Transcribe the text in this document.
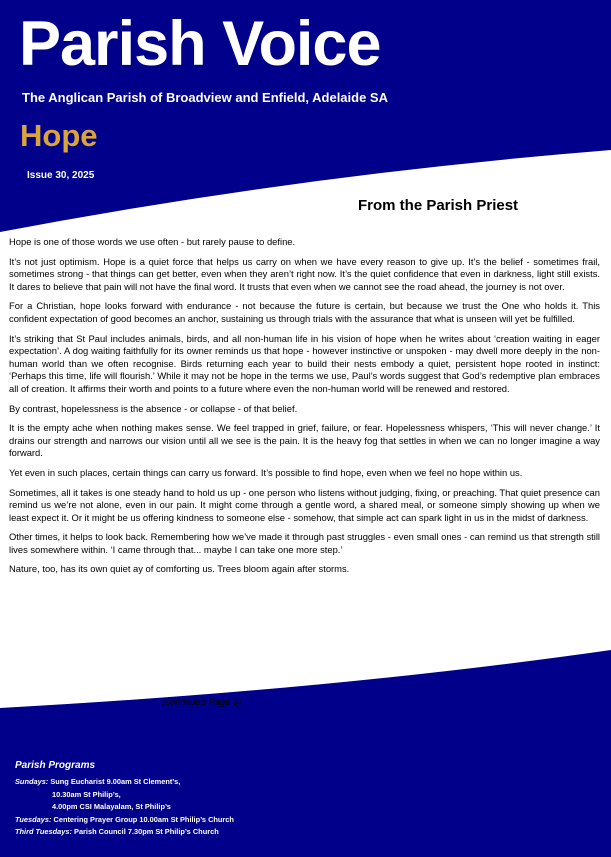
Parish Voice
The Anglican Parish of Broadview and Enfield, Adelaide SA
Hope
Issue 30, 2025
From the Parish Priest

Hope is one of those words we use often - but rarely pause to define.

It’s not just optimism. Hope is a quiet force that helps us carry on when we have every reason to give up. It’s the belief - sometimes frail, sometimes strong - that things can get better, even when they aren’t right now. It’s the quiet confidence that even in darkness, light still exists. It dares to believe that pain will not have the final word. It trusts that even when we cannot see the road ahead, the journey is not over.

For a Christian, hope looks forward with endurance - not because the future is certain, but because we trust the One who holds it. This confident expectation of good becomes an anchor, sustaining us through trials with the assurance that what is unseen will yet be fulfilled.

It’s striking that St Paul includes animals, birds, and all non-human life in his vision of hope when he writes about ‘creation waiting in eager expectation’. A dog waiting faithfully for its owner reminds us that hope - however instinctive or unspoken - may dwell more deeply in the non-human world than we often recognise. Birds returning each year to build their nests embody a quiet, persistent hope rooted in instinct: ‘Perhaps this time, life will flourish.’ While it may not be hope in the terms we use, Paul’s words suggest that God’s redemptive plan embraces all of creation. It affirms their worth and points to a future where even the non-human world will be renewed and restored.

By contrast, hopelessness is the absence - or collapse - of that belief.

It is the empty ache when nothing makes sense. We feel trapped in grief, failure, or fear. Hopelessness whispers, ‘This will never change.’ It drains our strength and narrows our vision until all we see is the pain. It is the heavy fog that settles in when we can no longer imagine a way forward.

Yet even in such places, certain things can carry us forward. It’s possible to find hope, even when we feel no hope within us.

Sometimes, all it takes is one steady hand to hold us up - one person who listens without judging, fixing, or preaching. That quiet presence can remind us we’re not alone, even in our pain. It might come through a gentle word, a shared meal, or someone simply showing up when we least expect it. Or it might be us offering kindness to someone else - somehow, that simple act can spark light in us in the midst of darkness.

Other times, it helps to look back. Remembering how we’ve made it through past struggles - even small ones - can remind us that strength still lives somewhere within. ‘I came through that... maybe I can take one more step.’

Nature, too, has its own quiet ay of comforting us. Trees bloom again after storms.

(continued Page 3)
Parish Programs
Sundays: Sung Eucharist 9.00am St Clement’s,
10.30am St Philip’s,
4.00pm CSI Malayalam, St Philip’s
Tuesdays: Centering Prayer Group 10.00am St Philip’s Church
Third Tuesdays: Parish Council 7.30pm St Philip’s Church
